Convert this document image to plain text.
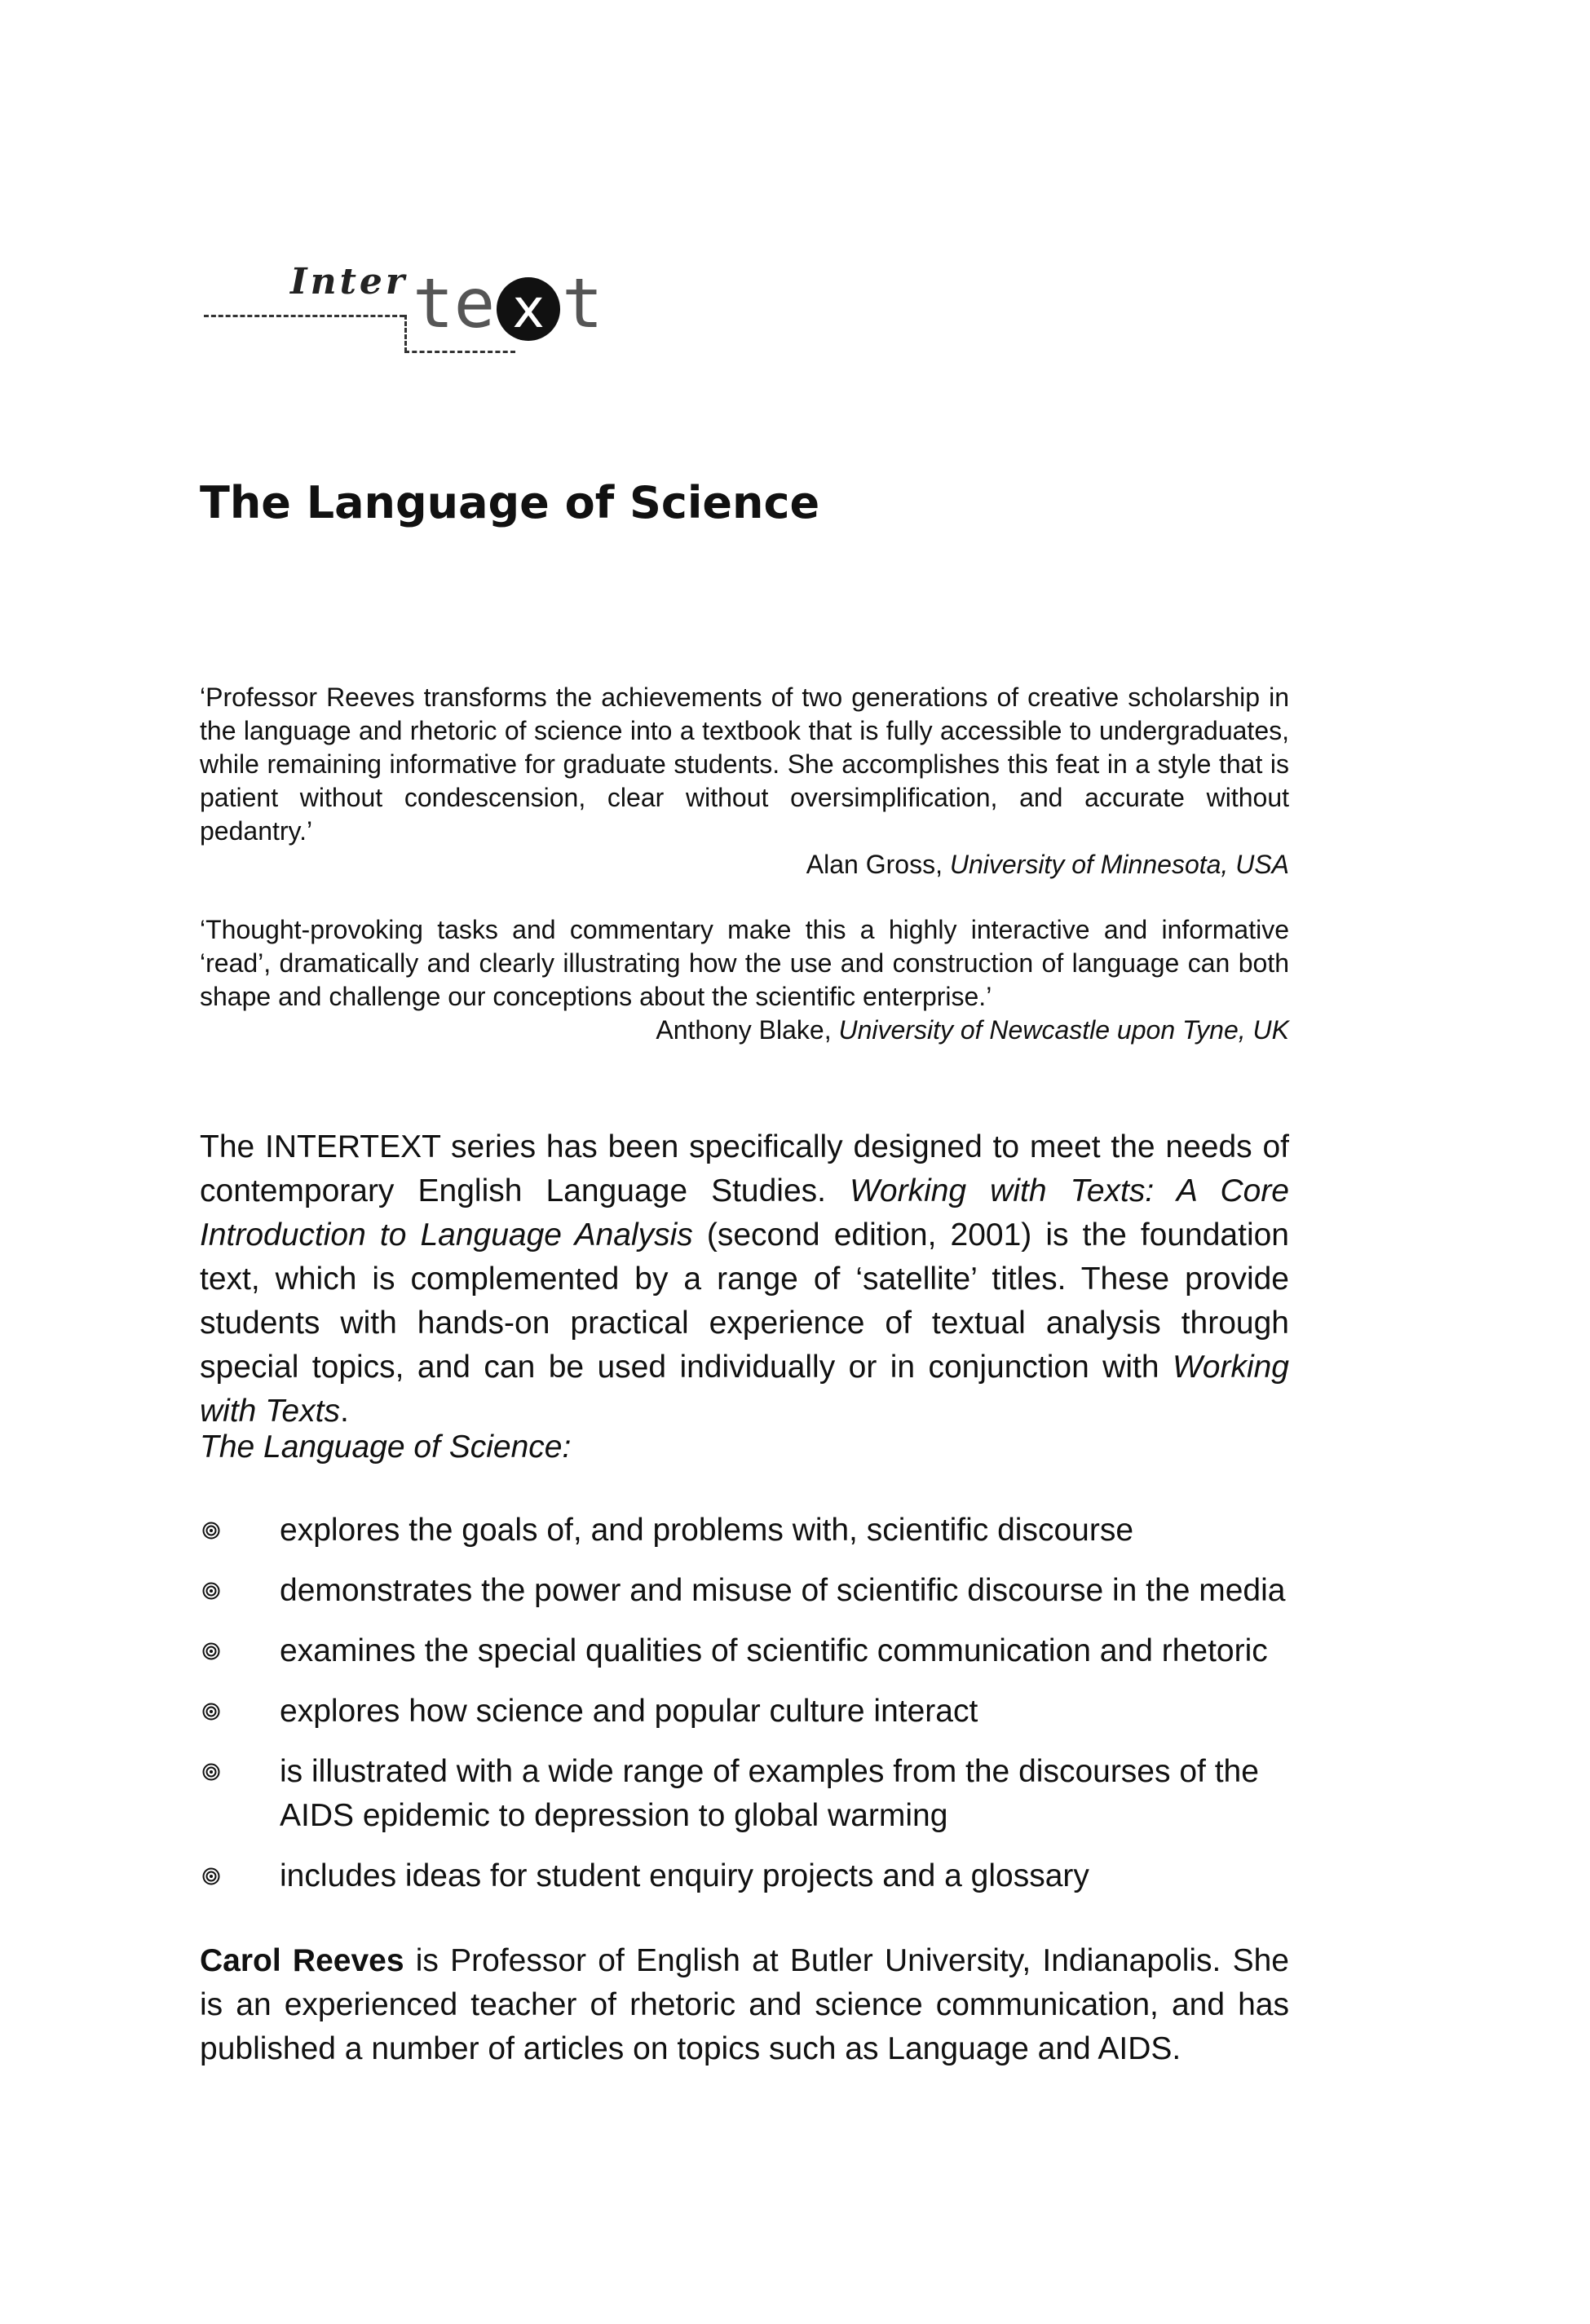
Inter te x t
The Language of Science
‘Professor Reeves transforms the achievements of two generations of creative scholarship in the language and rhetoric of science into a textbook that is fully accessible to undergraduates, while remaining informative for graduate students. She accomplishes this feat in a style that is patient without condescension, clear without oversimplification, and accurate without pedantry.’
Alan Gross, University of Minnesota, USA
‘Thought-provoking tasks and commentary make this a highly interactive and informative ‘read’, dramatically and clearly illustrating how the use and construction of language can both shape and challenge our conceptions about the scientific enterprise.’
Anthony Blake, University of Newcastle upon Tyne, UK

The INTERTEXT series has been specifically designed to meet the needs of contemporary English Language Studies. Working with Texts: A Core Introduction to Language Analysis (second edition, 2001) is the foundation text, which is complemented by a range of ‘satellite’ titles. These provide students with hands-on practical experience of textual analysis through special topics, and can be used individually or in conjunction with Working with Texts.

The Language of Science:

explores the goals of, and problems with, scientific discourse
demonstrates the power and misuse of scientific discourse in the media
examines the special qualities of scientific communication and rhetoric
explores how science and popular culture interact
is illustrated with a wide range of examples from the discourses of the AIDS epidemic to depression to global warming
includes ideas for student enquiry projects and a glossary

Carol Reeves is Professor of English at Butler University, Indianapolis. She is an experienced teacher of rhetoric and science communication, and has published a number of articles on topics such as Language and AIDS.
